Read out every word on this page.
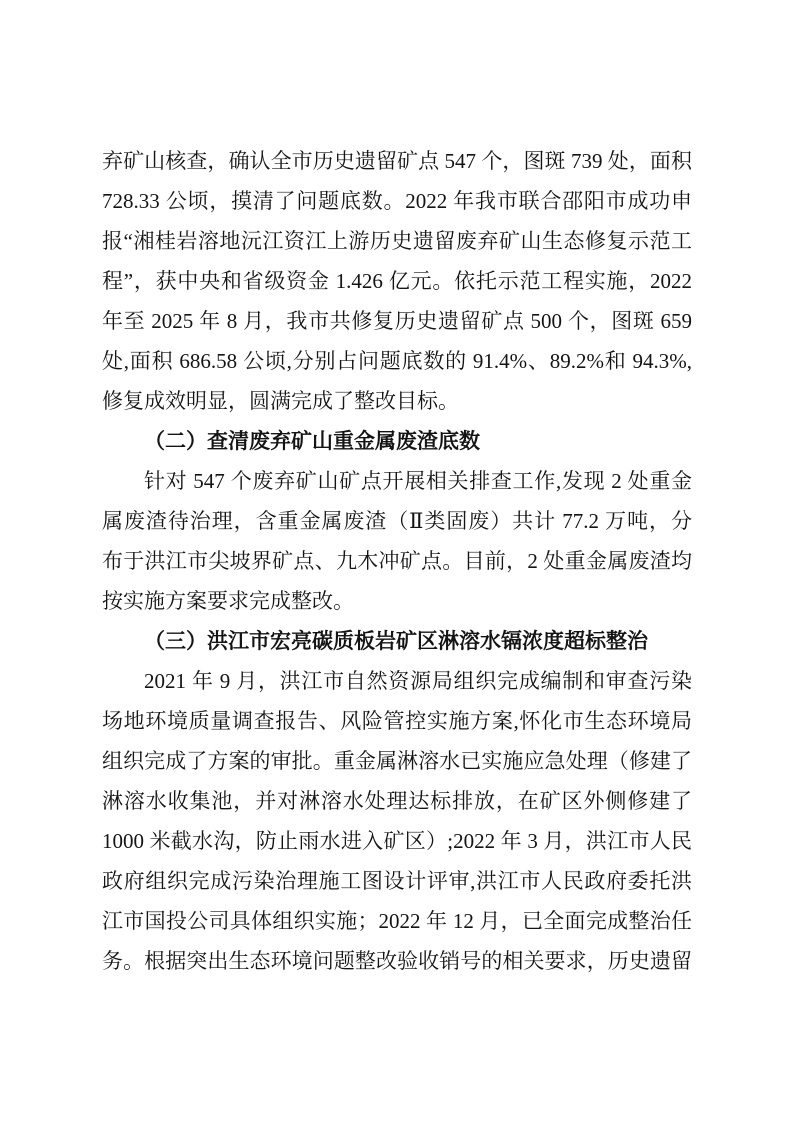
弃矿山核查，确认全市历史遗留矿点 547 个，图斑 739 处，面积
728.33 公顷，摸清了问题底数。2022 年我市联合邵阳市成功申
报“湘桂岩溶地沅江资江上游历史遗留废弃矿山生态修复示范工
程”，获中央和省级资金 1.426 亿元。依托示范工程实施，2022
年至 2025 年 8 月，我市共修复历史遗留矿点 500 个，图斑 659
处,面积 686.58 公顷,分别占问题底数的 91.4%、89.2%和 94.3%,
修复成效明显，圆满完成了整改目标。
（二）查清废弃矿山重金属废渣底数
针对 547 个废弃矿山矿点开展相关排查工作,发现 2 处重金
属废渣待治理，含重金属废渣（Ⅱ类固废）共计 77.2 万吨，分
布于洪江市尖坡界矿点、九木冲矿点。目前，2 处重金属废渣均
按实施方案要求完成整改。
（三）洪江市宏亮碳质板岩矿区淋溶水镉浓度超标整治
2021 年 9 月，洪江市自然资源局组织完成编制和审查污染
场地环境质量调查报告、风险管控实施方案,怀化市生态环境局
组织完成了方案的审批。重金属淋溶水已实施应急处理（修建了
淋溶水收集池，并对淋溶水处理达标排放，在矿区外侧修建了
1000 米截水沟，防止雨水进入矿区）;2022 年 3 月，洪江市人民
政府组织完成污染治理施工图设计评审,洪江市人民政府委托洪
江市国投公司具体组织实施；2022 年 12 月，已全面完成整治任
务。根据突出生态环境问题整改验收销号的相关要求，历史遗留
